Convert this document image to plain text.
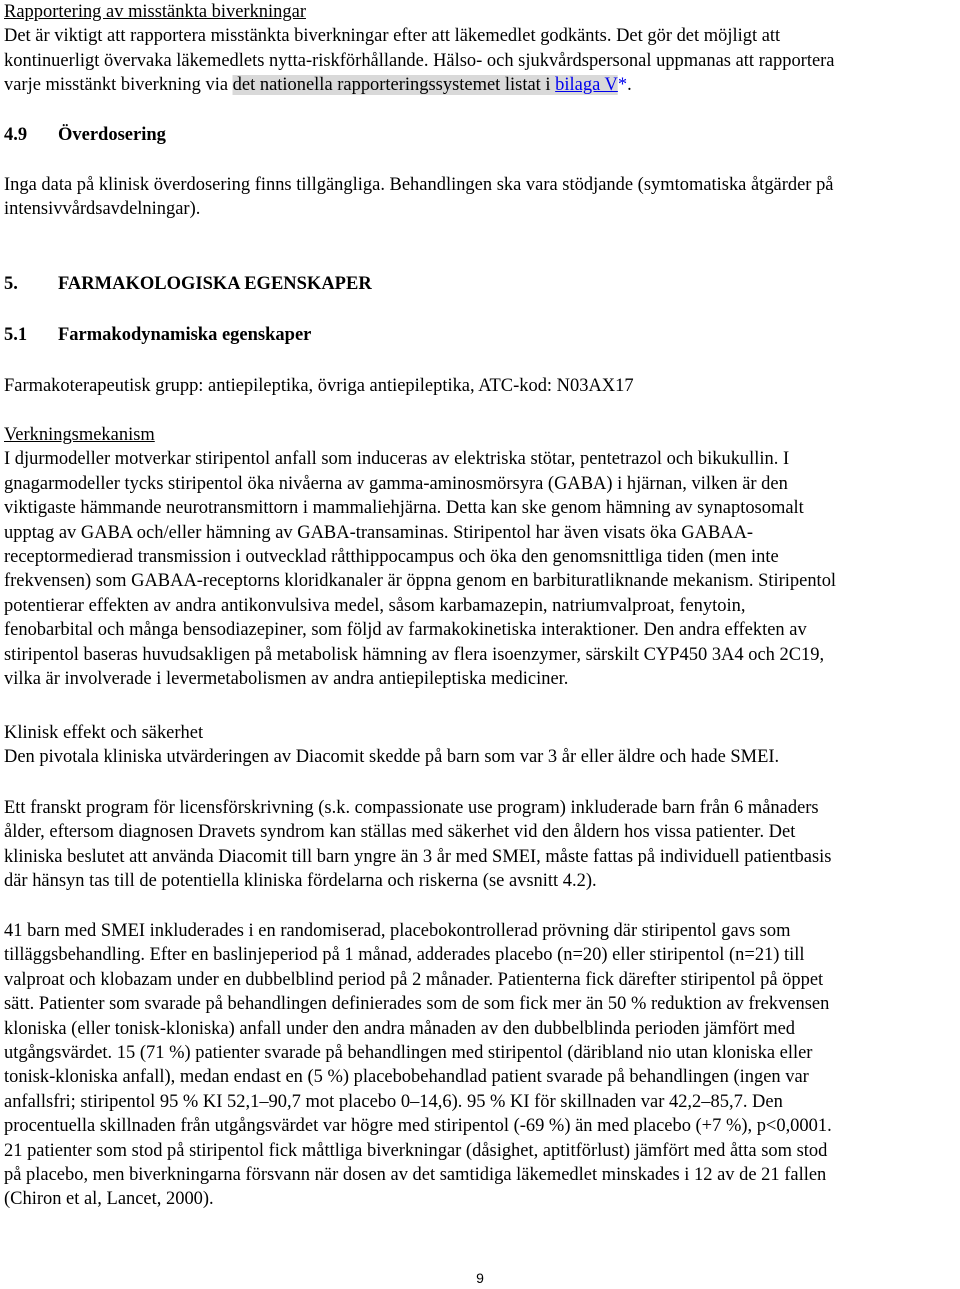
Rapportering av misstänkta biverkningar
Det är viktigt att rapportera misstänkta biverkningar efter att läkemedlet godkänts. Det gör det möjligt att
kontinuerligt övervaka läkemedlets nytta-riskförhållande. Hälso- och sjukvårdspersonal uppmanas att rapportera
varje misstänkt biverkning via det nationella rapporteringssystemet listat i bilaga V*.
4.9 Överdosering
Inga data på klinisk överdosering finns tillgängliga. Behandlingen ska vara stödjande (symtomatiska åtgärder på
intensivvårdsavdelningar).
5. FARMAKOLOGISKA EGENSKAPER
5.1 Farmakodynamiska egenskaper
Farmakoterapeutisk grupp: antiepileptika, övriga antiepileptika, ATC-kod: N03AX17
Verkningsmekanism
I djurmodeller motverkar stiripentol anfall som induceras av elektriska stötar, pentetrazol och bikukullin. I
gnagarmodeller tycks stiripentol öka nivåerna av gamma-aminosmörsyra (GABA) i hjärnan, vilken är den
viktigaste hämmande neurotransmittorn i mammaliehjärna. Detta kan ske genom hämning av synaptosomalt
upptag av GABA och/eller hämning av GABA-transaminas. Stiripentol har även visats öka GABAA-
receptormedierad transmission i outvecklad råtthippocampus och öka den genomsnittliga tiden (men inte
frekvensen) som GABAA-receptorns kloridkanaler är öppna genom en barbituratliknande mekanism. Stiripentol
potentierar effekten av andra antikonvulsiva medel, såsom karbamazepin, natriumvalproat, fenytoin,
fenobarbital och många bensodiazepiner, som följd av farmakokinetiska interaktioner. Den andra effekten av
stiripentol baseras huvudsakligen på metabolisk hämning av flera isoenzymer, särskilt CYP450 3A4 och 2C19,
vilka är involverade i levermetabolismen av andra antiepileptiska mediciner.
Klinisk effekt och säkerhet
Den pivotala kliniska utvärderingen av Diacomit skedde på barn som var 3 år eller äldre och hade SMEI.
Ett franskt program för licensförskrivning (s.k. compassionate use program) inkluderade barn från 6 månaders
ålder, eftersom diagnosen Dravets syndrom kan ställas med säkerhet vid den åldern hos vissa patienter. Det
kliniska beslutet att använda Diacomit till barn yngre än 3 år med SMEI, måste fattas på individuell patientbasis
där hänsyn tas till de potentiella kliniska fördelarna och riskerna (se avsnitt 4.2).
41 barn med SMEI inkluderades i en randomiserad, placebokontrollerad prövning där stiripentol gavs som
tilläggsbehandling. Efter en baslinjeperiod på 1 månad, adderades placebo (n=20) eller stiripentol (n=21) till
valproat och klobazam under en dubbelblind period på 2 månader. Patienterna fick därefter stiripentol på öppet
sätt. Patienter som svarade på behandlingen definierades som de som fick mer än 50 % reduktion av frekvensen
kloniska (eller tonisk-kloniska) anfall under den andra månaden av den dubbelblinda perioden jämfört med
utgångsvärdet. 15 (71 %) patienter svarade på behandlingen med stiripentol (däribland nio utan kloniska eller
tonisk-kloniska anfall), medan endast en (5 %) placebobehandlad patient svarade på behandlingen (ingen var
anfallsfri; stiripentol 95 % KI 52,1–90,7 mot placebo 0–14,6). 95 % KI för skillnaden var 42,2–85,7. Den
procentuella skillnaden från utgångsvärdet var högre med stiripentol (-69 %) än med placebo (+7 %), p<0,0001.
21 patienter som stod på stiripentol fick måttliga biverkningar (dåsighet, aptitförlust) jämfört med åtta som stod
på placebo, men biverkningarna försvann när dosen av det samtidiga läkemedlet minskades i 12 av de 21 fallen
(Chiron et al, Lancet, 2000).
9
